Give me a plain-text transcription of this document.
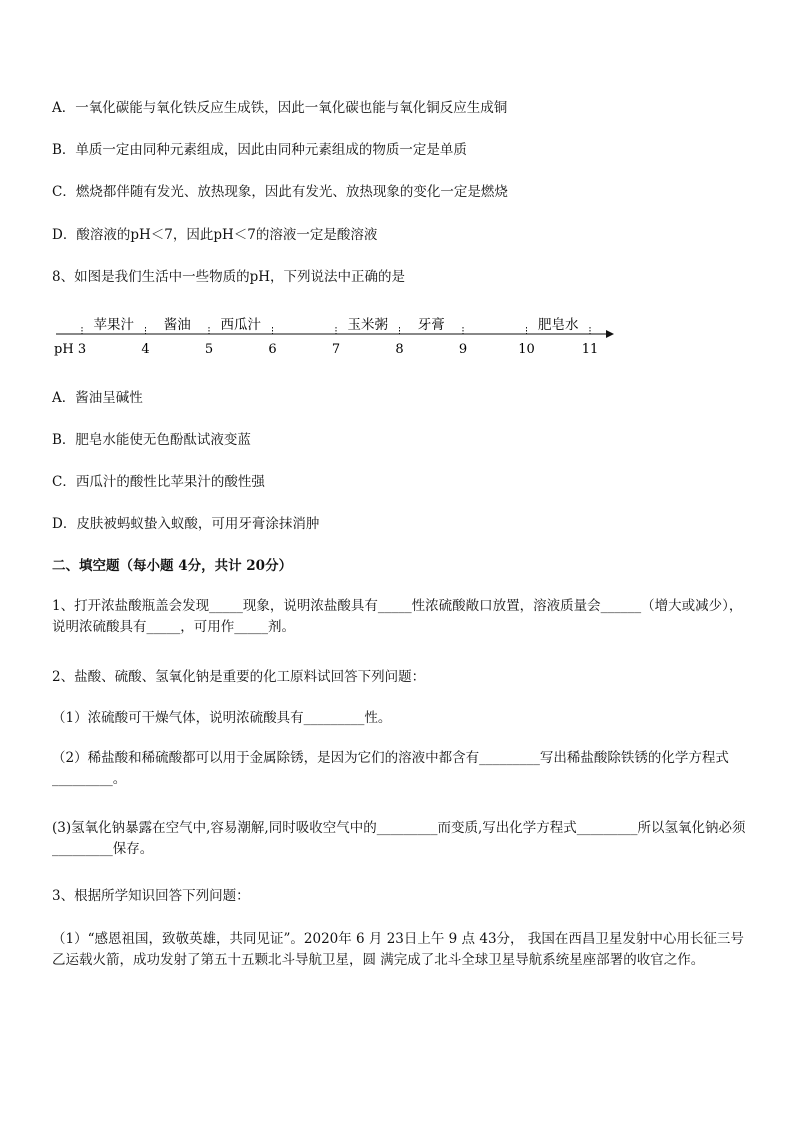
A．一氧化碳能与氧化铁反应生成铁，因此一氧化碳也能与氧化铜反应生成铜
B．单质一定由同种元素组成，因此由同种元素组成的物质一定是单质
C．燃烧都伴随有发光、放热现象，因此有发光、放热现象的变化一定是燃烧
D．酸溶液的pH＜7，因此pH＜7的溶液一定是酸溶液
8、如图是我们生活中一些物质的pH，下列说法中正确的是
pH 3	4	5	6	7	8	9	10	11
苹果汁 酱油 西瓜汁	玉米粥 牙膏	肥皂水
A．酱油呈碱性
B．肥皂水能使无色酚酞试液变蓝
C．西瓜汁的酸性比苹果汁的酸性强
D．皮肤被蚂蚁蛰入蚁酸，可用牙膏涂抹消肿
二、填空题（每小题 4分，共计 20分）
1、打开浓盐酸瓶盖会发现_____现象，说明浓盐酸具有_____性浓硫酸敞口放置，溶液质量会______（增大或减少），说明浓硫酸具有_____，可用作_____剂。
2、盐酸、硫酸、氢氧化钠是重要的化工原料试回答下列问题：
（1）浓硫酸可干燥气体，说明浓硫酸具有_________性。
（2）稀盐酸和稀硫酸都可以用于金属除锈，是因为它们的溶液中都含有_________写出稀盐酸除铁锈的化学方程式_________。
(3)氢氧化钠暴露在空气中,容易潮解,同时吸收空气中的_________而变质,写出化学方程式_________所以氢氧化钠必须_________保存。
3、根据所学知识回答下列问题：
（1）“感恩祖国，致敬英雄，共同见证”。2020年 6 月 23日上午 9 点 43分， 我国在西昌卫星发射中心用长征三号乙运载火箭，成功发射了第五十五颗北斗导航卫星，圆 满完成了北斗全球卫星导航系统星座部署的收官之作。
